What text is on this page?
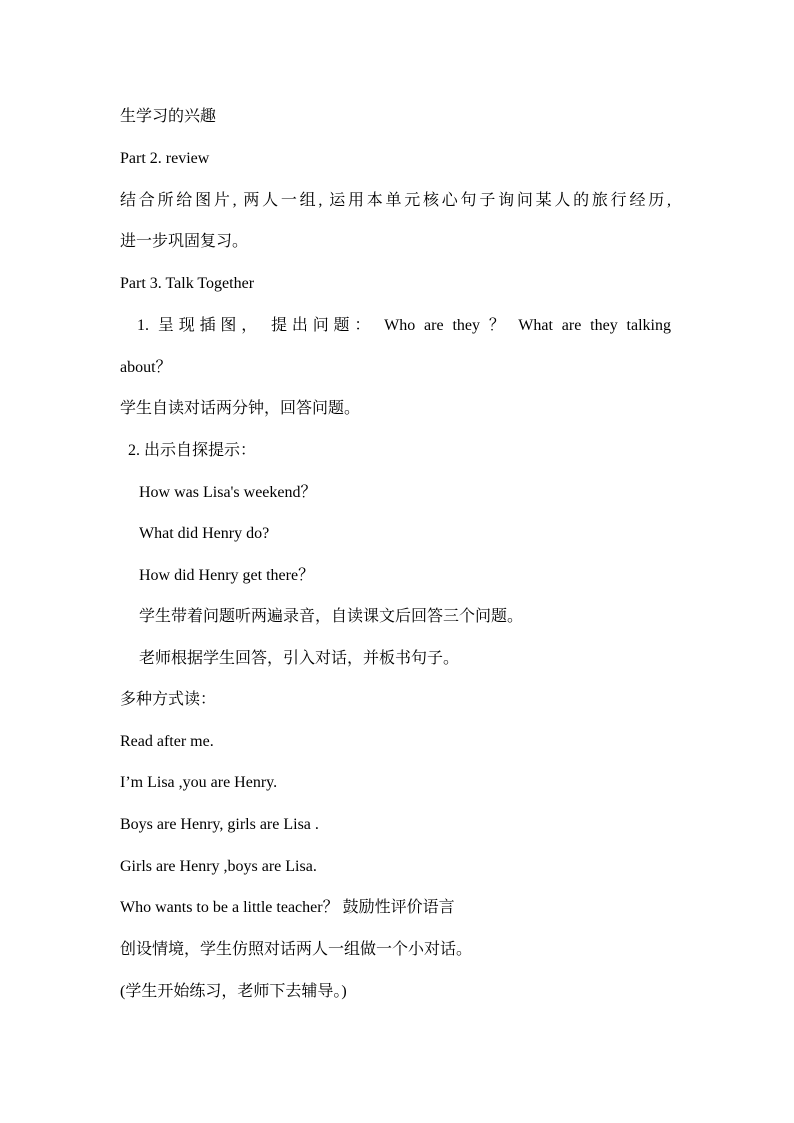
生学习的兴趣
Part 2. review
结合所给图片, 两人一组, 运用本单元核心句子询问某人的旅行经历,
进一步巩固复习。
Part 3. Talk Together
1. 呈现插图， 提出问题： Who are they ？ What are they talking
about？
学生自读对话两分钟，回答问题。
2. 出示自探提示：
How was Lisa's weekend？
What did Henry do?
How did Henry get there？
学生带着问题听两遍录音，自读课文后回答三个问题。
老师根据学生回答，引入对话，并板书句子。
多种方式读：
Read after me.
I’m Lisa ,you are Henry.
Boys are Henry, girls are Lisa .
Girls are Henry ,boys are Lisa.
Who wants to be a little teacher？ 鼓励性评价语言
创设情境，学生仿照对话两人一组做一个小对话。
(学生开始练习，老师下去辅导。)
